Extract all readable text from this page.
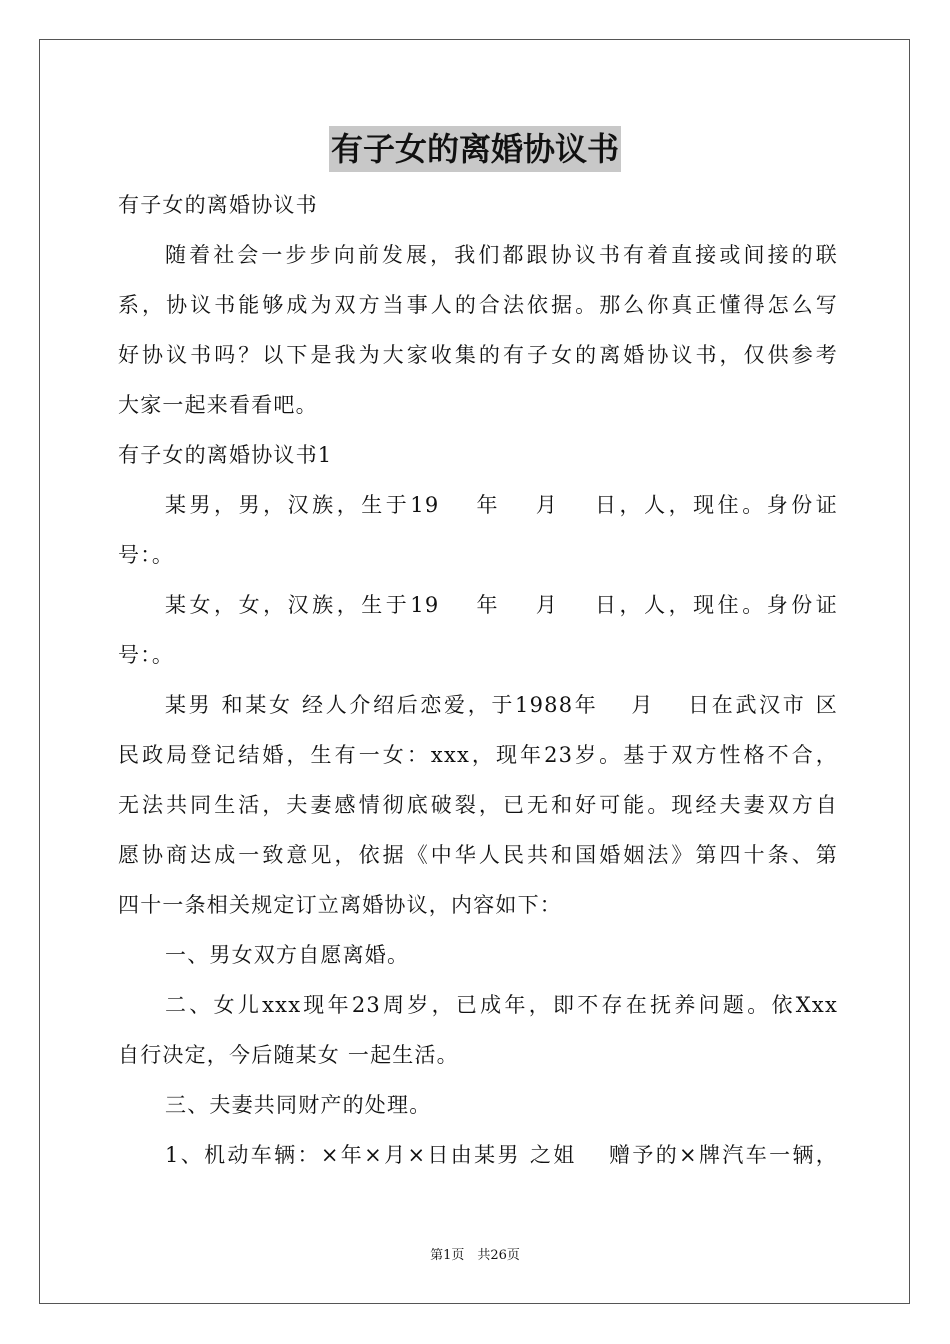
有子女的离婚协议书
有子女的离婚协议书
随着社会一步步向前发展，我们都跟协议书有着直接或间接的联
系，协议书能够成为双方当事人的合法依据。那么你真正懂得怎么写
好协议书吗？以下是我为大家收集的有子女的离婚协议书，仅供参考
大家一起来看看吧。
有子女的离婚协议书1
某男，男，汉族，生于19　 年 　月 　日，人，现住。身份证
号：。
某女，女，汉族，生于19　 年 　月 　日，人，现住。身份证
号：。
某男 和某女 经人介绍后恋爱，于1988年 　月 　日在武汉市 区
民政局登记结婚，生有一女：xxx，现年23岁。基于双方性格不合，
无法共同生活，夫妻感情彻底破裂，已无和好可能。现经夫妻双方自
愿协商达成一致意见，依据《中华人民共和国婚姻法》第四十条、第
四十一条相关规定订立离婚协议，内容如下：
一、男女双方自愿离婚。
二、女儿xxx现年23周岁，已成年，即不存在抚养问题。依Xxx
自行决定，今后随某女 一起生活。
三、夫妻共同财产的处理。
1、机动车辆：×年×月×日由某男 之姐 　赠予的×牌汽车一辆，
第1页　共26页
